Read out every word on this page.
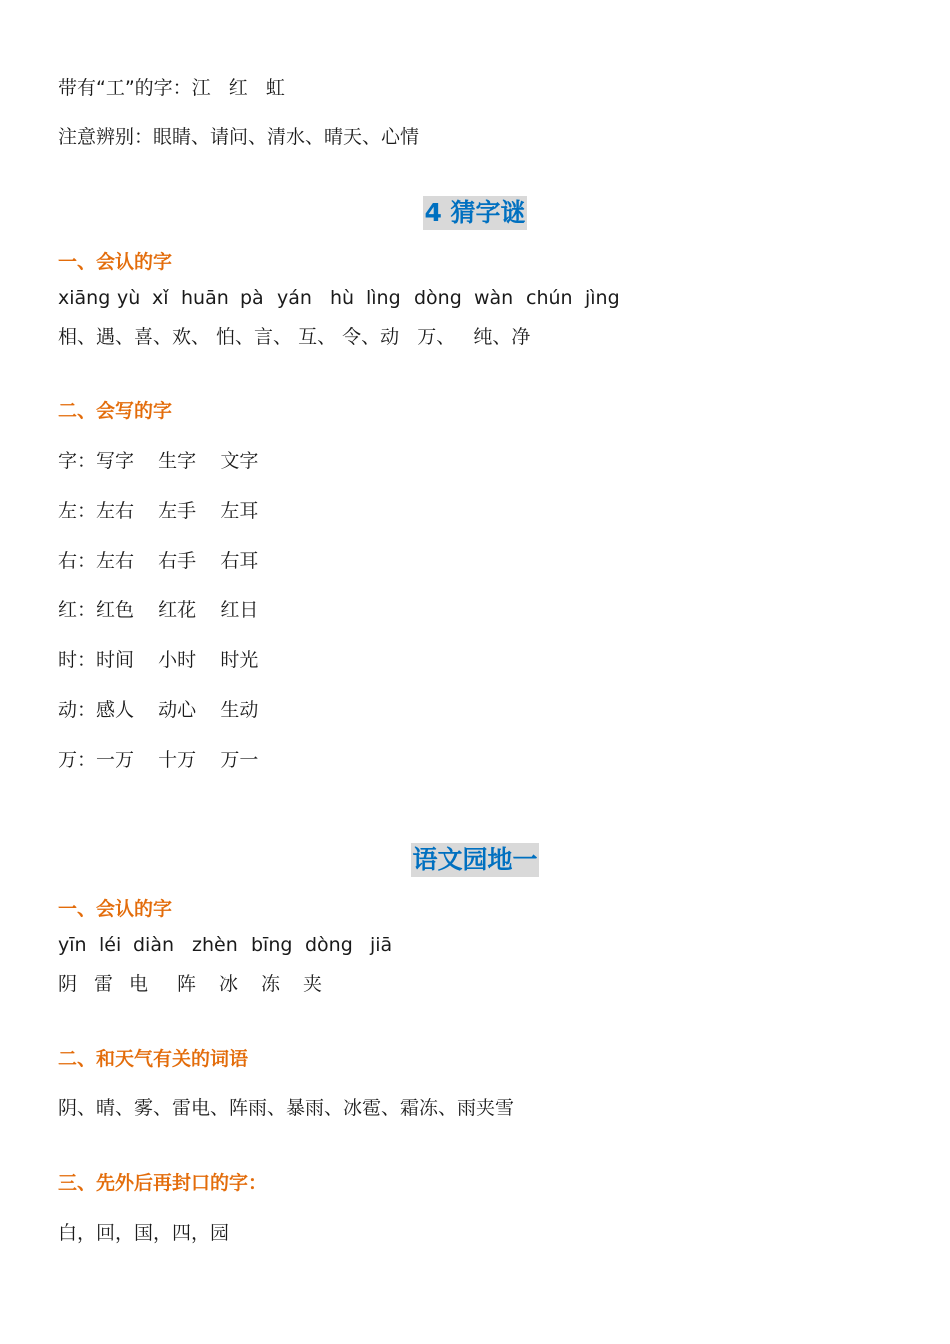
带有“工”的字：江   红   虹
注意辨别：眼睛、请问、清水、晴天、心情
4 猜字谜
一、会认的字

xiāng

yù

xǐ

huān

pà

yán

hù

lìng

dòng

wàn

chún

jìng

相、遇、喜、欢、 怕、言、 互、 令、动   万、   纯、净
二、会写的字
字：写字    生字    文字
左：左右    左手    左耳
右：左右    右手    右耳
红：红色    红花    红日
时：时间    小时    时光
动：感人    动心    生动
万：一万    十万    万一
语文园地一
一、会认的字

yīn

léi

diàn

zhèn

bīng

dòng

jiā

阴

雷

电

阵

冰

冻

夹

二、和天气有关的词语
阴、晴、雾、雷电、阵雨、暴雨、冰雹、霜冻、雨夹雪
三、先外后再封口的字：
白，回，国，四，园
